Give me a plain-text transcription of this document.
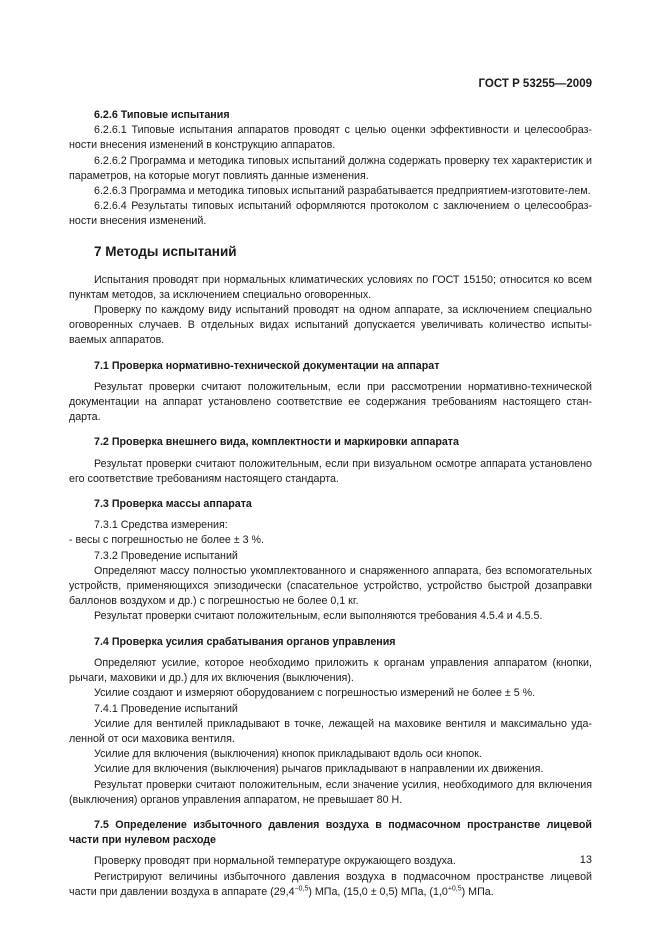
ГОСТ Р 53255—2009
6.2.6 Типовые испытания

6.2.6.1 Типовые испытания аппаратов проводят с целью оценки эффективности и целесообраз-ности внесения изменений в конструкцию аппаратов.

6.2.6.2 Программа и методика типовых испытаний должна содержать проверку тех характеристик и параметров, на которые могут повлиять данные изменения.

6.2.6.3 Программа и методика типовых испытаний разрабатывается предприятием-изготовите-лем.

6.2.6.4 Результаты типовых испытаний оформляются протоколом с заключением о целесообраз-ности внесения изменений.

7 Методы испытаний

Испытания проводят при нормальных климатических условиях по ГОСТ 15150; относится ко всем пунктам методов, за исключением специально оговоренных.

Проверку по каждому виду испытаний проводят на одном аппарате, за исключением специально оговоренных случаев. В отдельных видах испытаний допускается увеличивать количество испыты-ваемых аппаратов.

7.1 Проверка нормативно-технической документации на аппарат

Результат проверки считают положительным, если при рассмотрении нормативно-технической документации на аппарат установлено соответствие ее содержания требованиям настоящего стан-дарта.

7.2 Проверка внешнего вида, комплектности и маркировки аппарата

Результат проверки считают положительным, если при визуальном осмотре аппарата установлено его соответствие требованиям настоящего стандарта.

7.3 Проверка массы аппарата

7.3.1 Средства измерения:

- весы с погрешностью не более ± 3 %.

7.3.2 Проведение испытаний

Определяют массу полностью укомплектованного и снаряженного аппарата, без вспомогательных устройств, применяющихся эпизодически (спасательное устройство, устройство быстрой дозаправки баллонов воздухом и др.) с погрешностью не более 0,1 кг.

Результат проверки считают положительным, если выполняются требования 4.5.4 и 4.5.5.

7.4 Проверка усилия срабатывания органов управления

Определяют усилие, которое необходимо приложить к органам управления аппаратом (кнопки, рычаги, маховики и др.) для их включения (выключения).

Усилие создают и измеряют оборудованием с погрешностью измерений не более ± 5 %.

7.4.1 Проведение испытаний

Усилие для вентилей прикладывают в точке, лежащей на маховике вентиля и максимально уда-ленной от оси маховика вентиля.

Усилие для включения (выключения) кнопок прикладывают вдоль оси кнопок.

Усилие для включения (выключения) рычагов прикладывают в направлении их движения.

Результат проверки считают положительным, если значение усилия, необходимого для включения (выключения) органов управления аппаратом, не превышает 80 Н.

7.5 Определение избыточного давления воздуха в подмасочном пространстве лицевой части при нулевом расходе

Проверку проводят при нормальной температуре окружающего воздуха.

Регистрируют величины избыточного давления воздуха в подмасочном пространстве лицевой части при давлении воздуха в аппарате $(29,4^{-0,5})$ МПа, (15,0 ± 0,5) МПа, $(1,0^{+0,5})$ МПа.

13
